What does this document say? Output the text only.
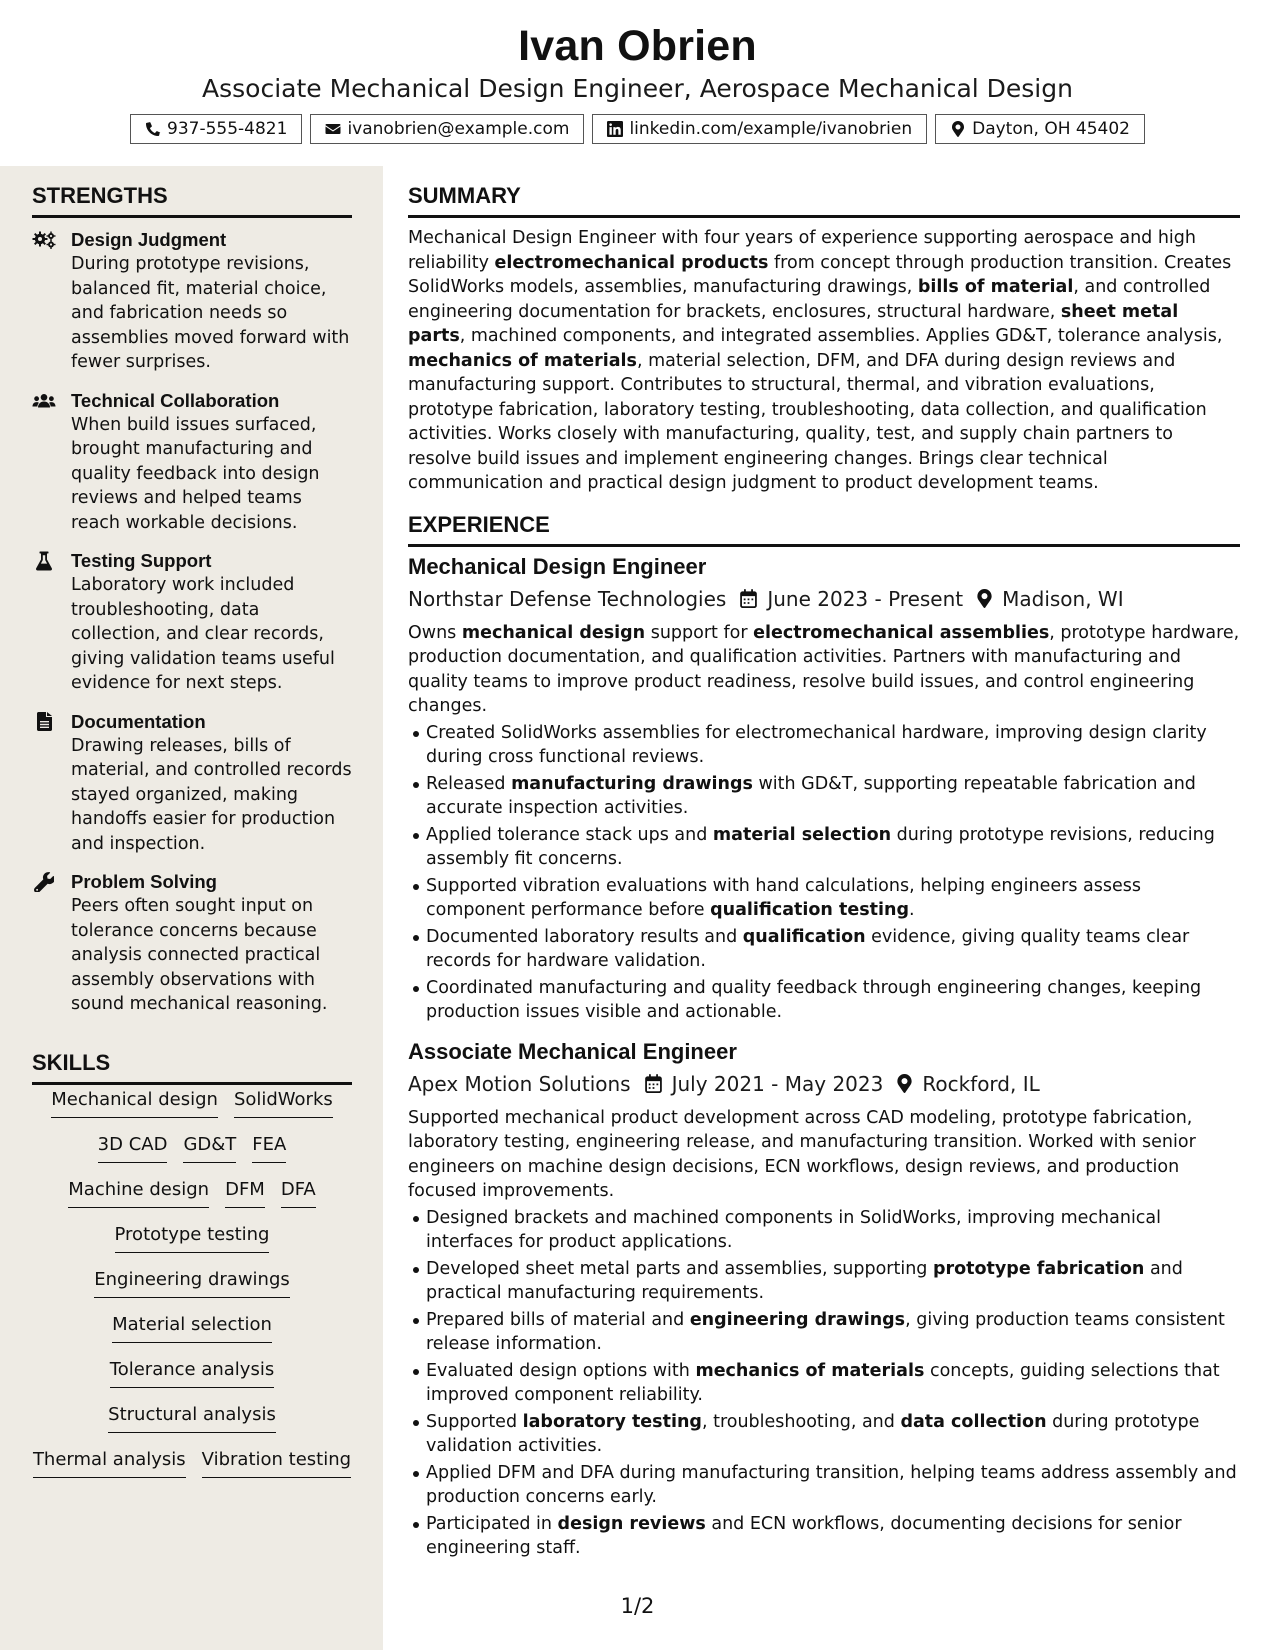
Ivan Obrien
Associate Mechanical Design Engineer, Aerospace Mechanical Design
937-555-4821	ivanobrien@example.com	linkedin.com/example/ivanobrien	Dayton, OH 45402
STRENGTHS
Design Judgment
During prototype revisions, balanced fit, material choice, and fabrication needs so assemblies moved forward with fewer surprises.
Technical Collaboration
When build issues surfaced, brought manufacturing and quality feedback into design reviews and helped teams reach workable decisions.
Testing Support
Laboratory work included troubleshooting, data collection, and clear records, giving validation teams useful evidence for next steps.
Documentation
Drawing releases, bills of material, and controlled records stayed organized, making handoffs easier for production and inspection.
Problem Solving
Peers often sought input on tolerance concerns because analysis connected practical assembly observations with sound mechanical reasoning.
SKILLS
Mechanical design SolidWorks
3D CAD GD&T FEA
Machine design DFM DFA
Prototype testing
Engineering drawings
Material selection
Tolerance analysis
Structural analysis
Thermal analysis Vibration testing
SUMMARY
Mechanical Design Engineer with four years of experience supporting aerospace and high reliability electromechanical products from concept through production transition. Creates SolidWorks models, assemblies, manufacturing drawings, bills of material, and controlled engineering documentation for brackets, enclosures, structural hardware, sheet metal parts, machined components, and integrated assemblies. Applies GD&T, tolerance analysis, mechanics of materials, material selection, DFM, and DFA during design reviews and manufacturing support. Contributes to structural, thermal, and vibration evaluations, prototype fabrication, laboratory testing, troubleshooting, data collection, and qualification activities. Works closely with manufacturing, quality, test, and supply chain partners to resolve build issues and implement engineering changes. Brings clear technical communication and practical design judgment to product development teams.
EXPERIENCE
Mechanical Design Engineer
Northstar Defense Technologies June 2023 - Present Madison, WI
Owns mechanical design support for electromechanical assemblies, prototype hardware, production documentation, and qualification activities. Partners with manufacturing and quality teams to improve product readiness, resolve build issues, and control engineering changes.
Created SolidWorks assemblies for electromechanical hardware, improving design clarity during cross functional reviews.
Released manufacturing drawings with GD&T, supporting repeatable fabrication and accurate inspection activities.
Applied tolerance stack ups and material selection during prototype revisions, reducing assembly fit concerns.
Supported vibration evaluations with hand calculations, helping engineers assess component performance before qualification testing.
Documented laboratory results and qualification evidence, giving quality teams clear records for hardware validation.
Coordinated manufacturing and quality feedback through engineering changes, keeping production issues visible and actionable.
Associate Mechanical Engineer
Apex Motion Solutions July 2021 - May 2023 Rockford, IL
Supported mechanical product development across CAD modeling, prototype fabrication, laboratory testing, engineering release, and manufacturing transition. Worked with senior engineers on machine design decisions, ECN workflows, design reviews, and production focused improvements.
Designed brackets and machined components in SolidWorks, improving mechanical interfaces for product applications.
Developed sheet metal parts and assemblies, supporting prototype fabrication and practical manufacturing requirements.
Prepared bills of material and engineering drawings, giving production teams consistent release information.
Evaluated design options with mechanics of materials concepts, guiding selections that improved component reliability.
Supported laboratory testing, troubleshooting, and data collection during prototype validation activities.
Applied DFM and DFA during manufacturing transition, helping teams address assembly and production concerns early.
Participated in design reviews and ECN workflows, documenting decisions for senior engineering staff.
1/2
